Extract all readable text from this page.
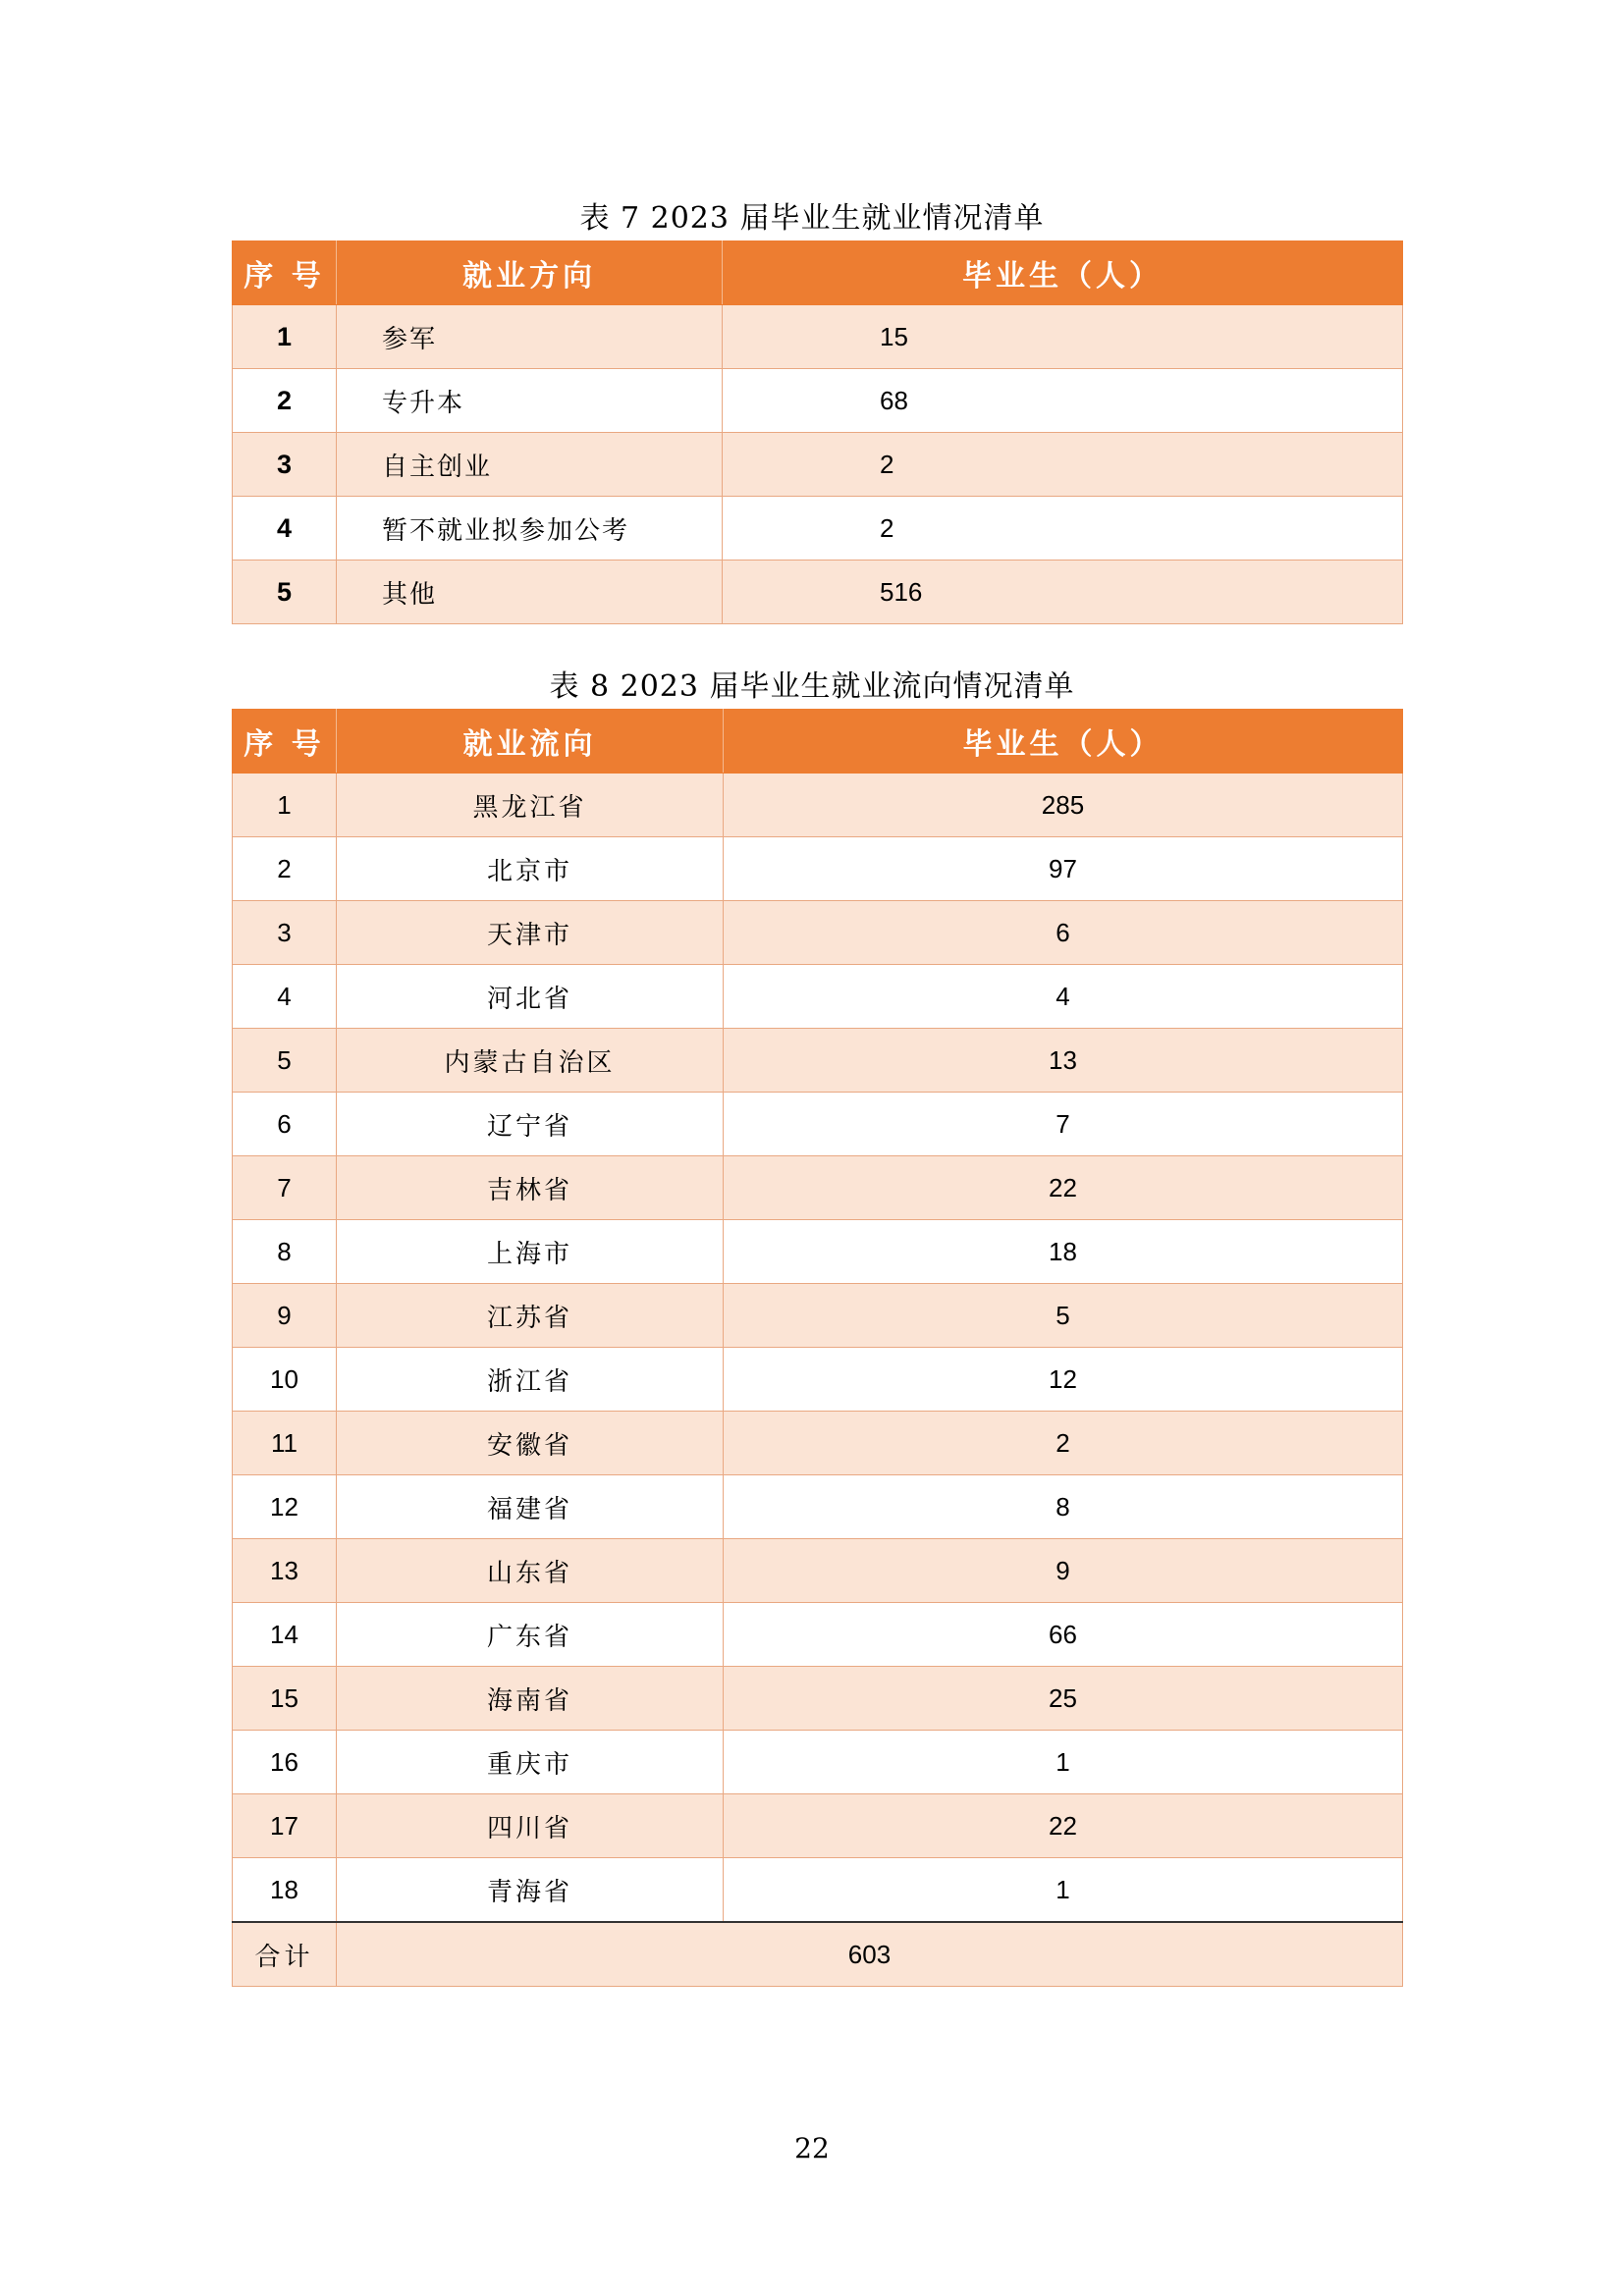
表 7 2023 届毕业生就业情况清单
序 号	就业方向	毕业生（人）
1	参军	15
2	专升本	68
3	自主创业	2
4	暂不就业拟参加公考	2
5	其他	516
表 8 2023 届毕业生就业流向情况清单
序 号	就业流向	毕业生（人）
1	黑龙江省	285
2	北京市	97
3	天津市	6
4	河北省	4
5	内蒙古自治区	13
6	辽宁省	7
7	吉林省	22
8	上海市	18
9	江苏省	5
10	浙江省	12
11	安徽省	2
12	福建省	8
13	山东省	9
14	广东省	66
15	海南省	25
16	重庆市	1
17	四川省	22
18	青海省	1
合计	603	
22
